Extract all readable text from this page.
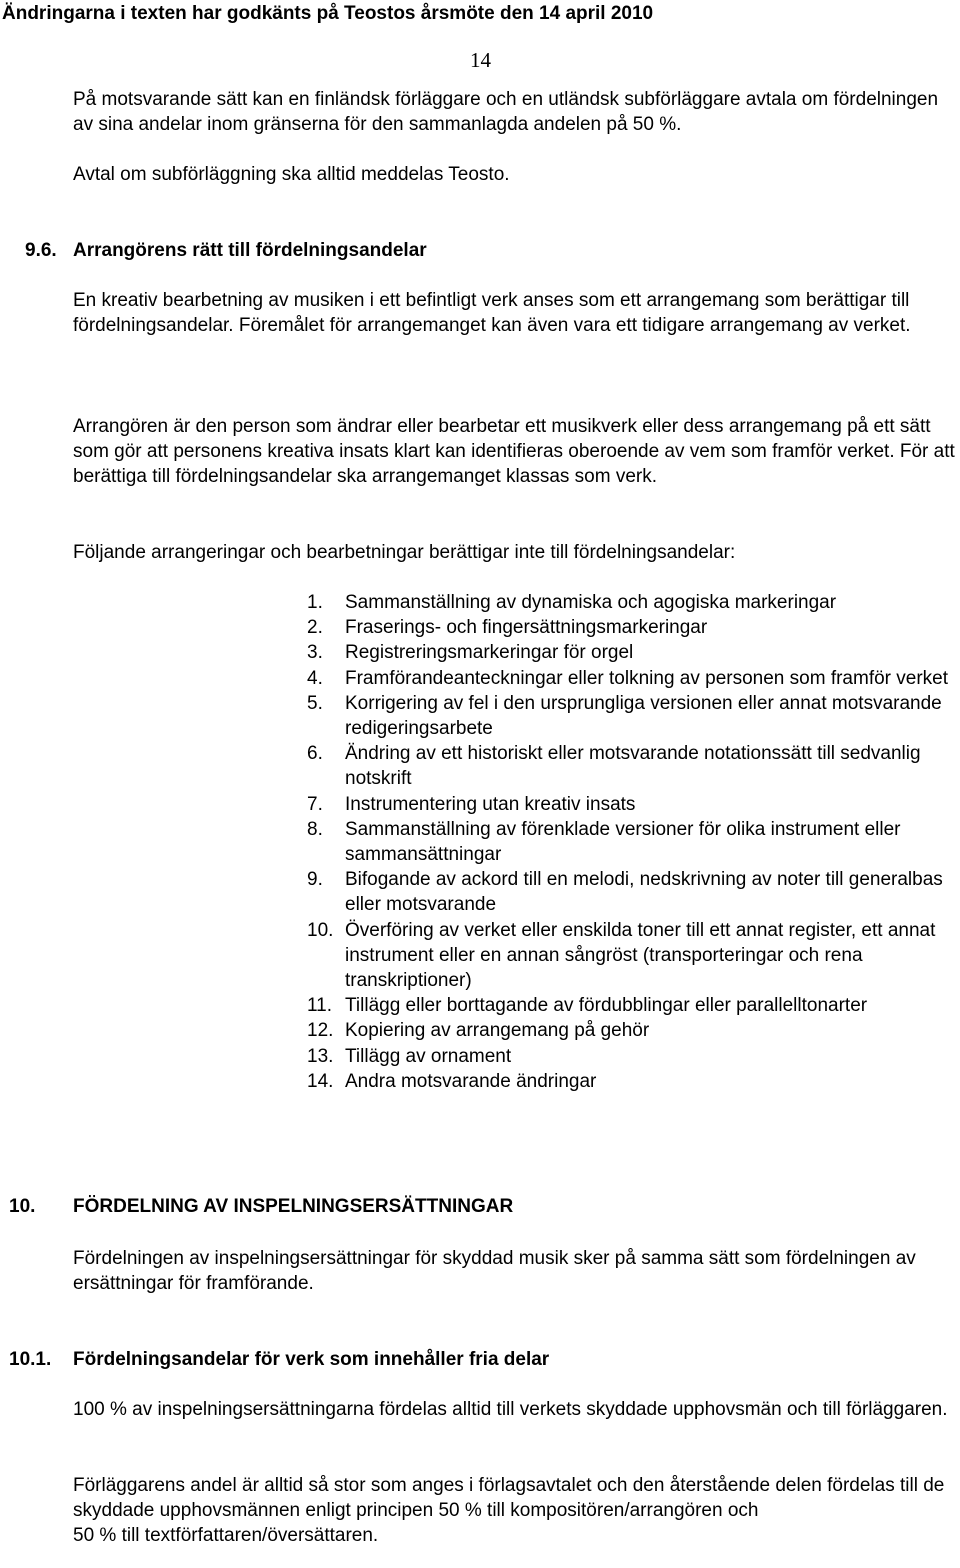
Ändringarna i texten har godkänts på Teostos årsmöte den 14 april 2010
14

På motsvarande sätt kan en finländsk förläggare och en utländsk subförläggare avtala om fördelningen av sina andelar inom gränserna för den sammanlagda andelen på 50 %.

Avtal om subförläggning ska alltid meddelas Teosto.

9.6. Arrangörens rätt till fördelningsandelar

En kreativ bearbetning av musiken i ett befintligt verk anses som ett arrangemang som berättigar till fördelningsandelar. Föremålet för arrangemanget kan även vara ett tidigare arrangemang av verket.

Arrangören är den person som ändrar eller bearbetar ett musikverk eller dess arrangemang på ett sätt som gör att personens kreativa insats klart kan identifieras oberoende av vem som framför verket. För att berättiga till fördelningsandelar ska arrangemanget klassas som verk.

Följande arrangeringar och bearbetningar berättigar inte till fördelningsandelar:

1. Sammanställning av dynamiska och agogiska markeringar
2. Fraserings- och fingersättningsmarkeringar
3. Registreringsmarkeringar för orgel
4. Framförandeanteckningar eller tolkning av personen som framför verket
5. Korrigering av fel i den ursprungliga versionen eller annat motsvarande redigeringsarbete
6. Ändring av ett historiskt eller motsvarande notationssätt till sedvanlig notskrift
7. Instrumentering utan kreativ insats
8. Sammanställning av förenklade versioner för olika instrument eller sammansättningar
9. Bifogande av ackord till en melodi, nedskrivning av noter till generalbas eller motsvarande
10. Överföring av verket eller enskilda toner till ett annat register, ett annat instrument eller en annan sångröst (transporteringar och rena transkriptioner)
11. Tillägg eller borttagande av fördubblingar eller parallelltonarter
12. Kopiering av arrangemang på gehör
13. Tillägg av ornament
14. Andra motsvarande ändringar
10. FÖRDELNING AV INSPELNINGSERSÄTTNINGAR

Fördelningen av inspelningsersättningar för skyddad musik sker på samma sätt som fördelningen av ersättningar för framförande.

10.1. Fördelningsandelar för verk som innehåller fria delar

100 % av inspelningsersättningarna fördelas alltid till verkets skyddade upphovsmän och till förläggaren.

Förläggarens andel är alltid så stor som anges i förlagsavtalet och den återstående delen fördelas till de skyddade upphovsmännen enligt principen 50 % till kompositören/arrangören och
50 % till textförfattaren/översättaren.
